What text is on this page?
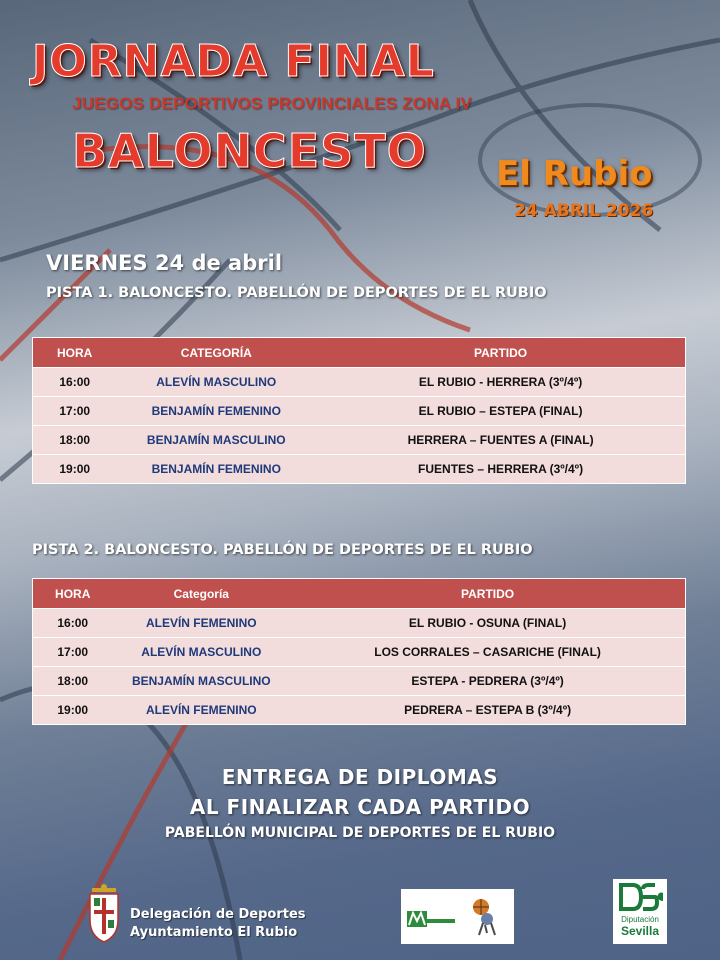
JORNADA FINAL
JUEGOS DEPORTIVOS PROVINCIALES ZONA IV
BALONCESTO El Rubio
24 ABRIL 2026
VIERNES 24 de abril
PISTA 1. BALONCESTO. PABELLÓN DE DEPORTES DE EL RUBIO
HORA	CATEGORÍA	PARTIDO
16:00	ALEVÍN MASCULINO	EL RUBIO - HERRERA (3º/4º)
17:00	BENJAMÍN FEMENINO	EL RUBIO – ESTEPA (FINAL)
18:00	BENJAMÍN MASCULINO	HERRERA – FUENTES A (FINAL)
19:00	BENJAMÍN FEMENINO	FUENTES – HERRERA (3º/4º)
PISTA 2. BALONCESTO. PABELLÓN DE DEPORTES DE EL RUBIO
HORA	Categoría	PARTIDO
16:00	ALEVÍN FEMENINO	EL RUBIO - OSUNA (FINAL)
17:00	ALEVÍN MASCULINO	LOS CORRALES – CASARICHE (FINAL)
18:00	BENJAMÍN MASCULINO	ESTEPA - PEDRERA (3º/4º)
19:00	ALEVÍN FEMENINO	PEDRERA – ESTEPA B (3º/4º)
ENTREGA DE DIPLOMAS
AL FINALIZAR CADA PARTIDO
PABELLÓN MUNICIPAL DE DEPORTES DE EL RUBIO
Delegación de Deportes
Ayuntamiento El Rubio
Diputación
Sevilla
